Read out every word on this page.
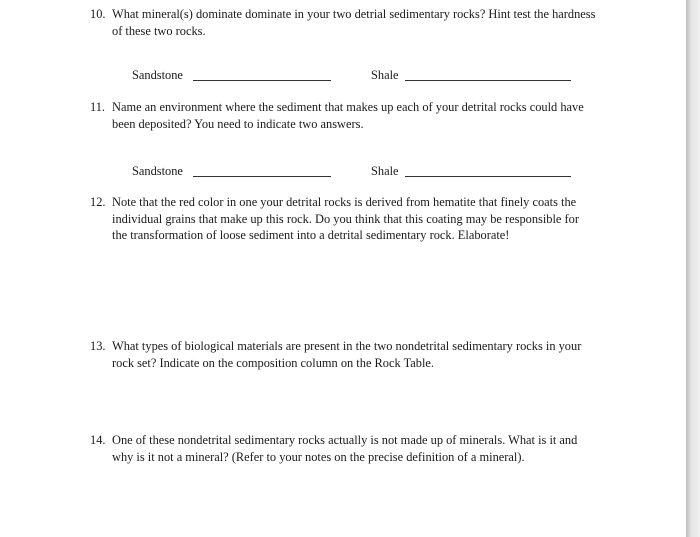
10. What mineral(s) dominate dominate in your two detrial sedimentary rocks? Hint test the hardness of these two rocks.
Sandstone	Shale
11. Name an environment where the sediment that makes up each of your detrital rocks could have been deposited? You need to indicate two answers.
Sandstone	Shale
12. Note that the red color in one your detrital rocks is derived from hematite that finely coats the individual grains that make up this rock. Do you think that this coating may be responsible for the transformation of loose sediment into a detrital sedimentary rock. Elaborate!
13. What types of biological materials are present in the two nondetrital sedimentary rocks in your rock set? Indicate on the composition column on the Rock Table.
14. One of these nondetrital sedimentary rocks actually is not made up of minerals. What is it and why is it not a mineral? (Refer to your notes on the precise definition of a mineral).
